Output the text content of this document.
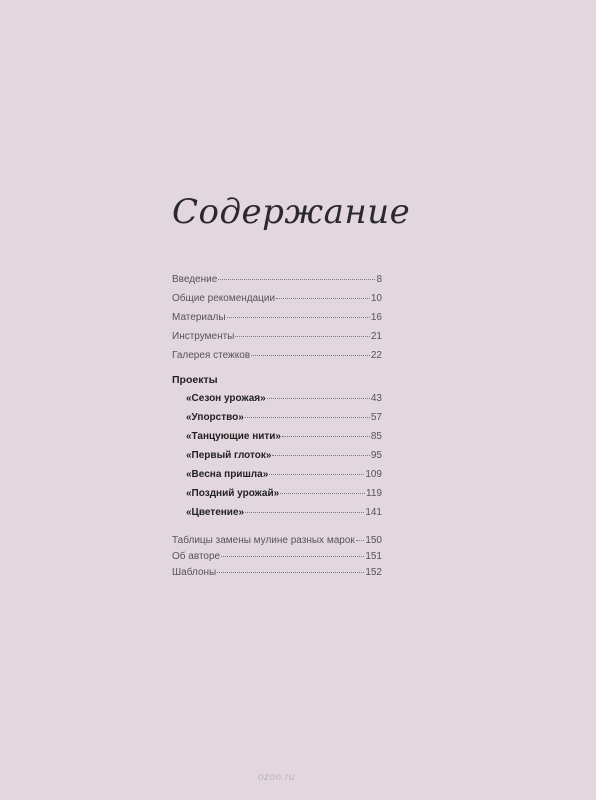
Содержание
Введение	8
Общие рекомендации	10
Материалы	16
Инструменты	21
Галерея стежков	22
Проекты
«Сезон урожая»	43
«Упорство»	57
«Танцующие нити»	85
«Первый глоток»	95
«Весна пришла»	109
«Поздний урожай»	119
«Цветение»	141
Таблицы замены мулине разных марок 150
Об авторе	151
Шаблоны	152
ozon.ru
